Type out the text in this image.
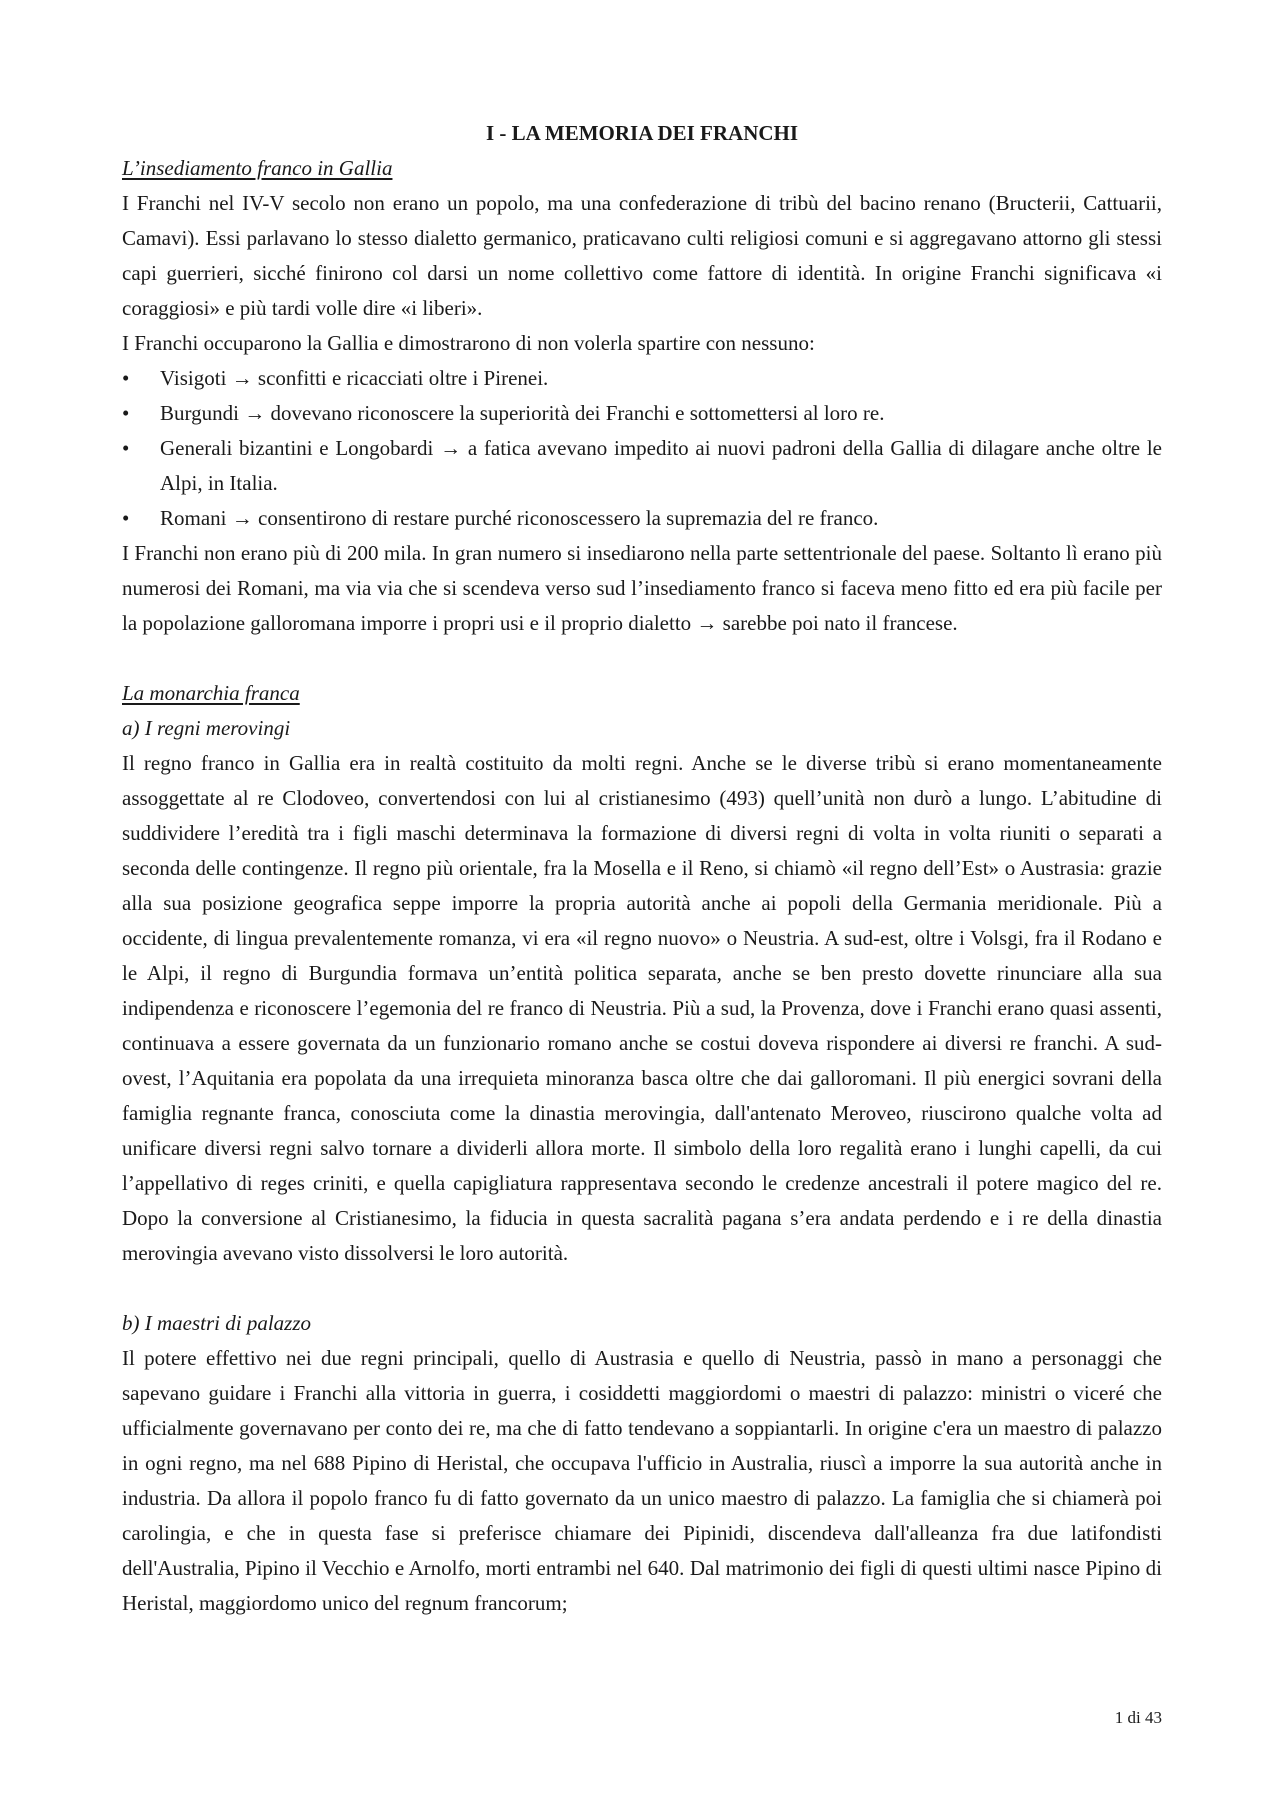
I - LA MEMORIA DEI FRANCHI
L’insediamento franco in Gallia

I Franchi nel IV-V secolo non erano un popolo, ma una confederazione di tribù del bacino renano (Bructerii, Cattuarii, Camavi). Essi parlavano lo stesso dialetto germanico, praticavano culti religiosi comuni e si aggregavano attorno gli stessi capi guerrieri, sicché finirono col darsi un nome collettivo come fattore di identità. In origine Franchi significava «i coraggiosi» e più tardi volle dire «i liberi».

I Franchi occuparono la Gallia e dimostrarono di non volerla spartire con nessuno:

•	Visigoti → sconfitti e ricacciati oltre i Pirenei.
•	Burgundi → dovevano riconoscere la superiorità dei Franchi e sottomettersi al loro re.
•	Generali bizantini e Longobardi → a fatica avevano impedito ai nuovi padroni della Gallia di dilagare anche oltre le Alpi, in Italia.
•	Romani → consentirono di restare purché riconoscessero la supremazia del re franco.

I Franchi non erano più di 200 mila. In gran numero si insediarono nella parte settentrionale del paese. Soltanto lì erano più numerosi dei Romani, ma via via che si scendeva verso sud l’insediamento franco si faceva meno fitto ed era più facile per la popolazione galloromana imporre i propri usi e il proprio dialetto → sarebbe poi nato il francese.

La monarchia franca
a) I regni merovingi

Il regno franco in Gallia era in realtà costituito da molti regni. Anche se le diverse tribù si erano momentaneamente assoggettate al re Clodoveo, convertendosi con lui al cristianesimo (493) quell’unità non durò a lungo. L’abitudine di suddividere l’eredità tra i figli maschi determinava la formazione di diversi regni di volta in volta riuniti o separati a seconda delle contingenze. Il regno più orientale, fra la Mosella e il Reno, si chiamò «il regno dell’Est» o Austrasia: grazie alla sua posizione geografica seppe imporre la propria autorità anche ai popoli della Germania meridionale. Più a occidente, di lingua prevalentemente romanza, vi era «il regno nuovo» o Neustria. A sud-est, oltre i Volsgi, fra il Rodano e le Alpi, il regno di Burgundia formava un’entità politica separata, anche se ben presto dovette rinunciare alla sua indipendenza e riconoscere l’egemonia del re franco di Neustria. Più a sud, la Provenza, dove i Franchi erano quasi assenti, continuava a essere governata da un funzionario romano anche se costui doveva rispondere ai diversi re franchi. A sud-ovest, l’Aquitania era popolata da una irrequieta minoranza basca oltre che dai galloromani. Il più energici sovrani della famiglia regnante franca, conosciuta come la dinastia merovingia, dall'antenato Meroveo, riuscirono qualche volta ad unificare diversi regni salvo tornare a dividerli allora morte. Il simbolo della loro regalità erano i lunghi capelli, da cui l’appellativo di reges criniti, e quella capigliatura rappresentava secondo le credenze ancestrali il potere magico del re. Dopo la conversione al Cristianesimo, la fiducia in questa sacralità pagana s’era andata perdendo e i re della dinastia merovingia avevano visto dissolversi le loro autorità.

b) I maestri di palazzo

Il potere effettivo nei due regni principali, quello di Austrasia e quello di Neustria, passò in mano a personaggi che sapevano guidare i Franchi alla vittoria in guerra, i cosiddetti maggiordomi o maestri di palazzo: ministri o viceré che ufficialmente governavano per conto dei re, ma che di fatto tendevano a soppiantarli. In origine c'era un maestro di palazzo in ogni regno, ma nel 688 Pipino di Heristal, che occupava l'ufficio in Australia, riuscì a imporre la sua autorità anche in industria. Da allora il popolo franco fu di fatto governato da un unico maestro di palazzo. La famiglia che si chiamerà poi carolingia, e che in questa fase si preferisce chiamare dei Pipinidi, discendeva dall'alleanza fra due latifondisti dell'Australia, Pipino il Vecchio e Arnolfo, morti entrambi nel 640. Dal matrimonio dei figli di questi ultimi nasce Pipino di Heristal, maggiordomo unico del regnum francorum;

1 di 43
